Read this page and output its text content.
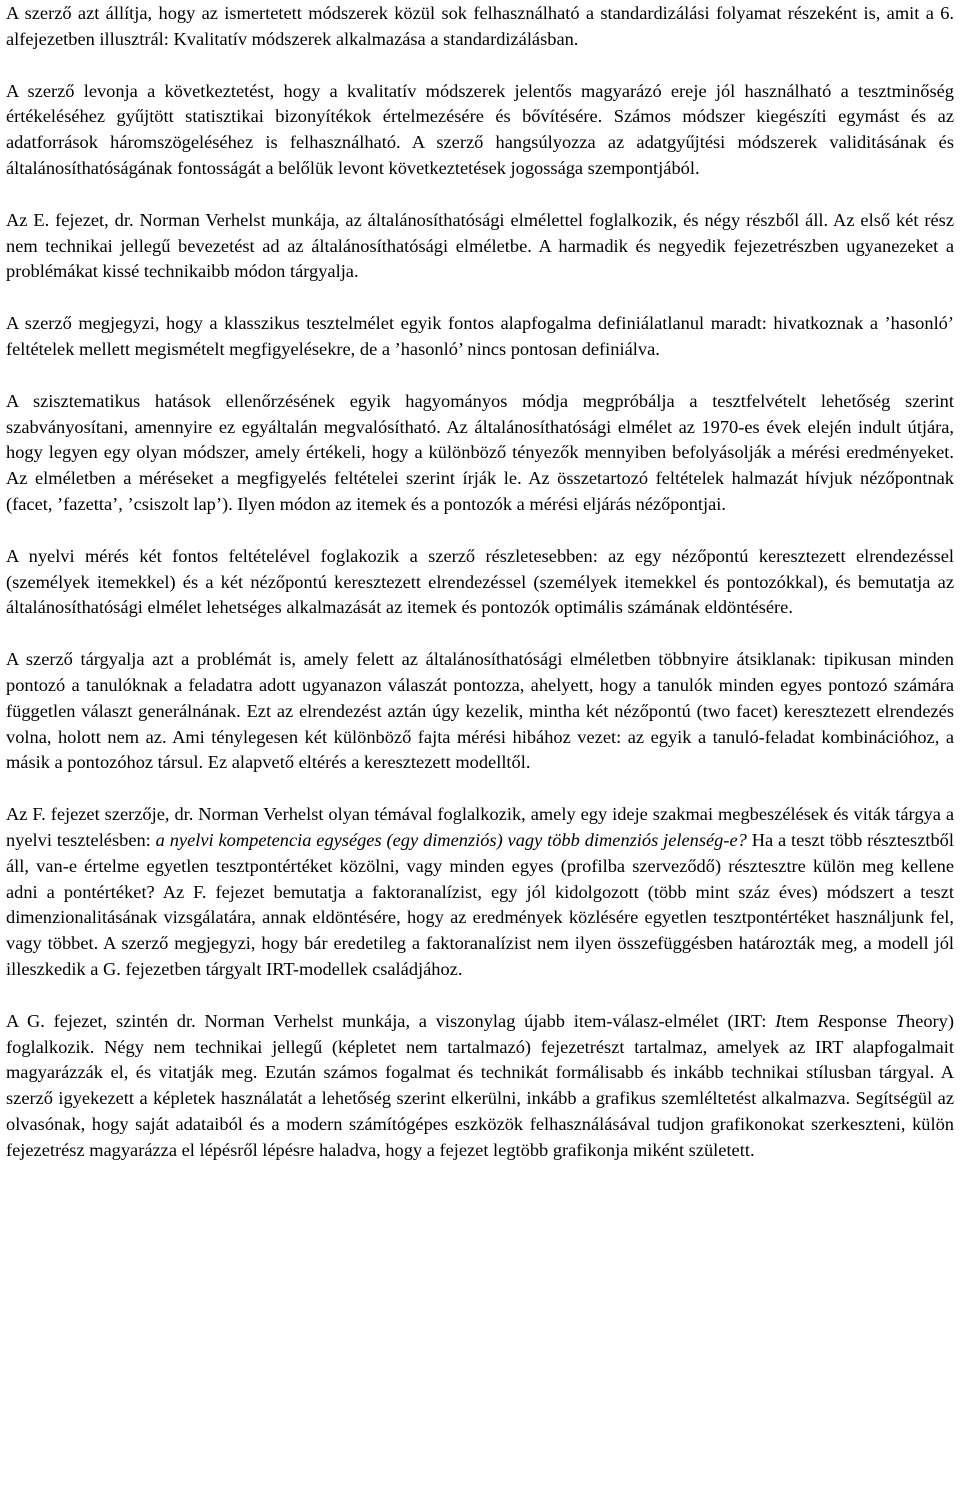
A szerző azt állítja, hogy az ismertetett módszerek közül sok felhasználható a standardizálási folyamat részeként is, amit a 6. alfejezetben illusztrál: Kvalitatív módszerek alkalmazása a standardizálásban.

A szerző levonja a következtetést, hogy a kvalitatív módszerek jelentős magyarázó ereje jól használható a tesztminőség értékeléséhez gyűjtött statisztikai bizonyítékok értelmezésére és bővítésére. Számos módszer kiegészíti egymást és az adatforrások háromszögeléséhez is felhasználható. A szerző hangsúlyozza az adatgyűjtési módszerek validitásának és általánosíthatóságának fontosságát a belőlük levont következtetések jogossága szempontjából.

Az E. fejezet, dr. Norman Verhelst munkája, az általánosíthatósági elmélettel foglalkozik, és négy részből áll. Az első két rész nem technikai jellegű bevezetést ad az általánosíthatósági elméletbe. A harmadik és negyedik fejezetrészben ugyanezeket a problémákat kissé technikaibb módon tárgyalja.

A szerző megjegyzi, hogy a klasszikus tesztelmélet egyik fontos alapfogalma definiálatlanul maradt: hivatkoznak a ’hasonló’ feltételek mellett megismételt megfigyelésekre, de a ’hasonló’ nincs pontosan definiálva.

A szisztematikus hatások ellenőrzésének egyik hagyományos módja megpróbálja a tesztfelvételt lehetőség szerint szabványosítani, amennyire ez egyáltalán megvalósítható. Az általánosíthatósági elmélet az 1970-es évek elején indult útjára, hogy legyen egy olyan módszer, amely értékeli, hogy a különböző tényezők mennyiben befolyásolják a mérési eredményeket. Az elméletben a méréseket a megfigyelés feltételei szerint írják le. Az összetartozó feltételek halmazát hívjuk nézőpontnak (facet, ’fazetta’, ’csiszolt lap’). Ilyen módon az itemek és a pontozók a mérési eljárás nézőpontjai.

A nyelvi mérés két fontos feltételével foglakozik a szerző részletesebben: az egy nézőpontú keresztezett elrendezéssel (személyek itemekkel) és a két nézőpontú keresztezett elrendezéssel (személyek itemekkel és pontozókkal), és bemutatja az általánosíthatósági elmélet lehetséges alkalmazását az itemek és pontozók optimális számának eldöntésére.

A szerző tárgyalja azt a problémát is, amely felett az általánosíthatósági elméletben többnyire átsiklanak: tipikusan minden pontozó a tanulóknak a feladatra adott ugyanazon válaszát pontozza, ahelyett, hogy a tanulók minden egyes pontozó számára független választ generálnának. Ezt az elrendezést aztán úgy kezelik, mintha két nézőpontú (two facet) keresztezett elrendezés volna, holott nem az. Ami ténylegesen két különböző fajta mérési hibához vezet: az egyik a tanuló-feladat kombinációhoz, a másik a pontozóhoz társul. Ez alapvető eltérés a keresztezett modelltől.

Az F. fejezet szerzője, dr. Norman Verhelst olyan témával foglalkozik, amely egy ideje szakmai megbeszélések és viták tárgya a nyelvi tesztelésben: a nyelvi kompetencia egységes (egy dimenziós) vagy több dimenziós jelenség-e? Ha a teszt több résztesztből áll, van-e értelme egyetlen tesztpontértéket közölni, vagy minden egyes (profilba szerveződő) résztesztre külön meg kellene adni a pontértéket? Az F. fejezet bemutatja a faktoranalízist, egy jól kidolgozott (több mint száz éves) módszert a teszt dimenzionalitásának vizsgálatára, annak eldöntésére, hogy az eredmények közlésére egyetlen tesztpontértéket használjunk fel, vagy többet. A szerző megjegyzi, hogy bár eredetileg a faktoranalízist nem ilyen összefüggésben határozták meg, a modell jól illeszkedik a G. fejezetben tárgyalt IRT-modellek családjához.

A G. fejezet, szintén dr. Norman Verhelst munkája, a viszonylag újabb item-válasz-elmélet (IRT: Item Response Theory) foglalkozik. Négy nem technikai jellegű (képletet nem tartalmazó) fejezetrészt tartalmaz, amelyek az IRT alapfogalmait magyarázzák el, és vitatják meg. Ezután számos fogalmat és technikát formálisabb és inkább technikai stílusban tárgyal. A szerző igyekezett a képletek használatát a lehetőség szerint elkerülni, inkább a grafikus szemléltetést alkalmazva. Segítségül az olvasónak, hogy saját adataiból és a modern számítógépes eszközök felhasználásával tudjon grafikonokat szerkeszteni, külön fejezetrész magyarázza el lépésről lépésre haladva, hogy a fejezet legtöbb grafikonja miként született.
